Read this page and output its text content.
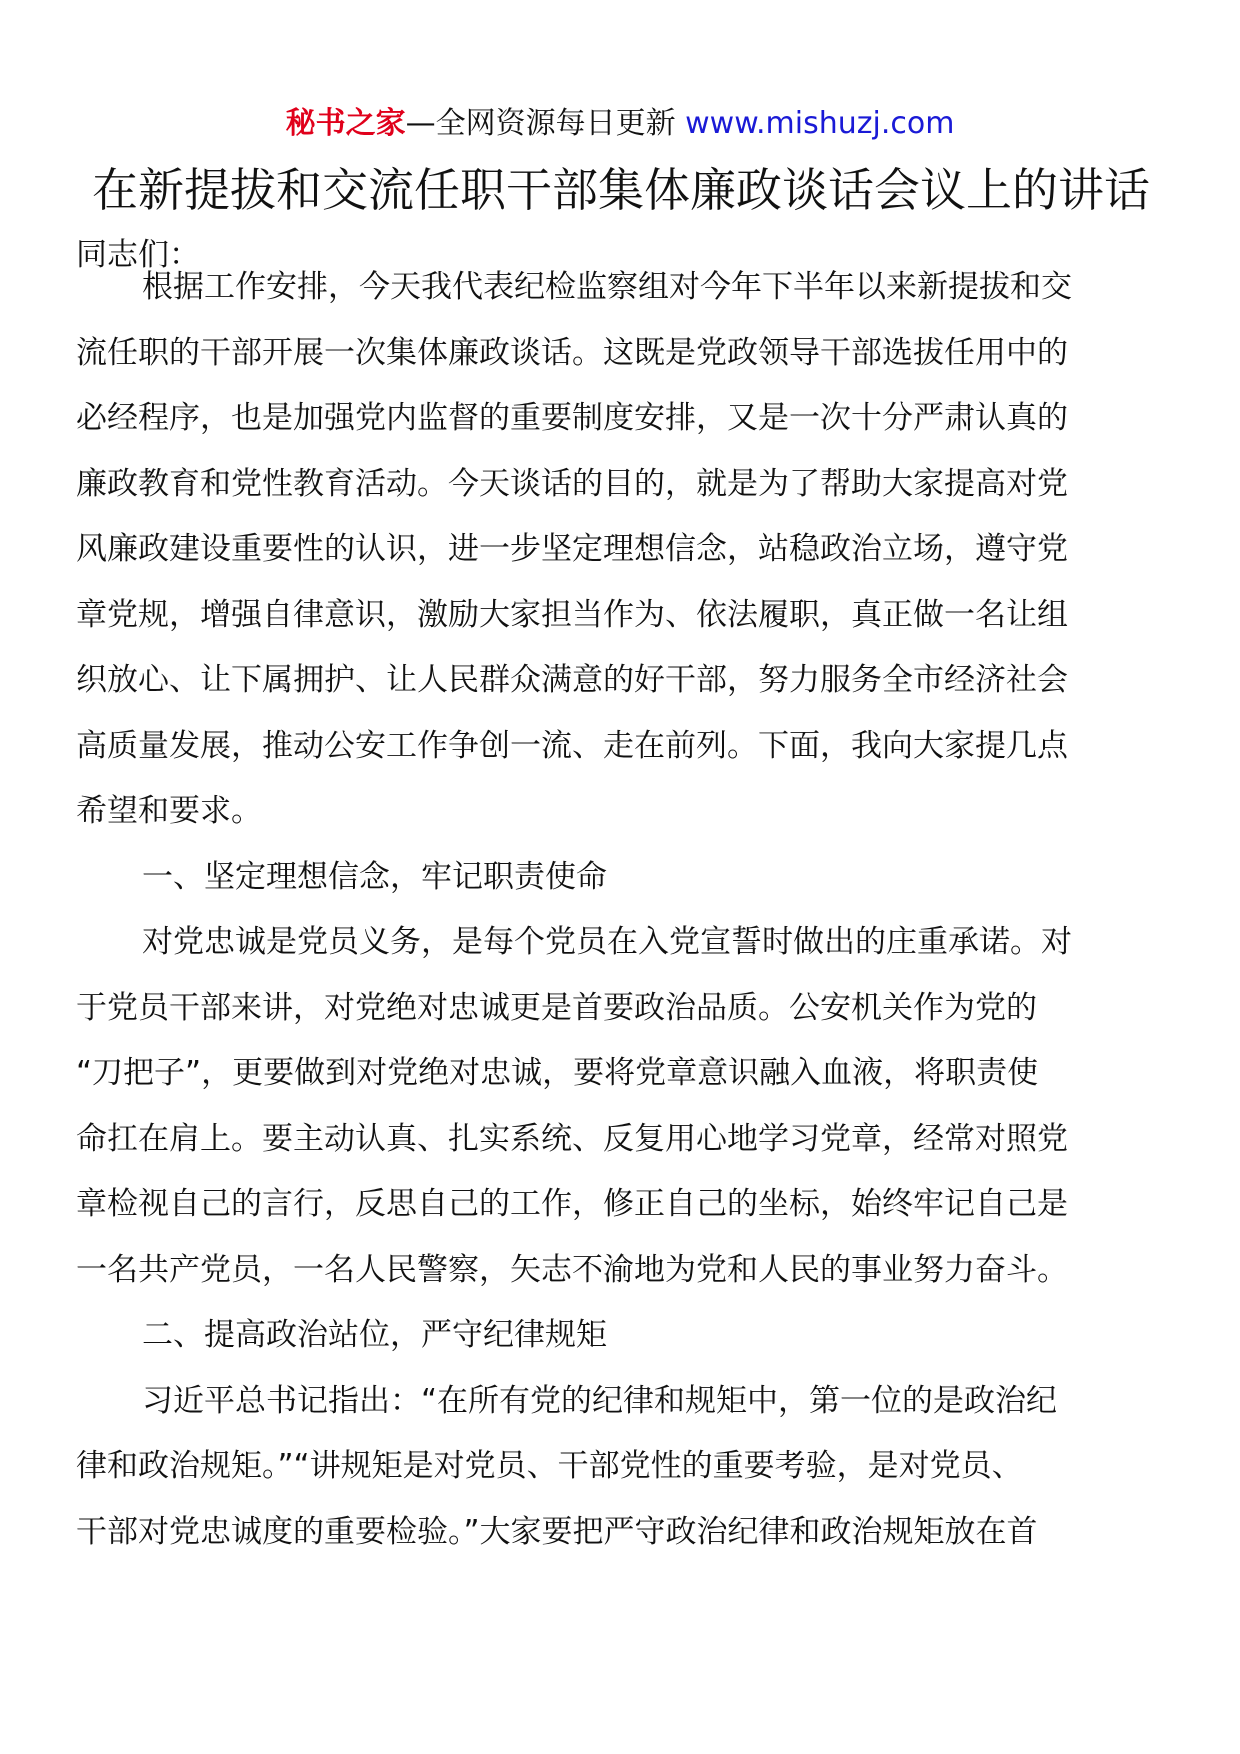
秘书之家—全网资源每日更新 www.mishuzj.com
在新提拔和交流任职干部集体廉政谈话会议上的讲话
同志们：
根据工作安排，今天我代表纪检监察组对今年下半年以来新提拔和交
流任职的干部开展一次集体廉政谈话。这既是党政领导干部选拔任用中的
必经程序，也是加强党内监督的重要制度安排，又是一次十分严肃认真的
廉政教育和党性教育活动。今天谈话的目的，就是为了帮助大家提高对党
风廉政建设重要性的认识，进一步坚定理想信念，站稳政治立场，遵守党
章党规，增强自律意识，激励大家担当作为、依法履职，真正做一名让组
织放心、让下属拥护、让人民群众满意的好干部，努力服务全市经济社会
高质量发展，推动公安工作争创一流、走在前列。下面，我向大家提几点
希望和要求。
一、坚定理想信念，牢记职责使命
对党忠诚是党员义务，是每个党员在入党宣誓时做出的庄重承诺。对
于党员干部来讲，对党绝对忠诚更是首要政治品质。公安机关作为党的
“刀把子”，更要做到对党绝对忠诚，要将党章意识融入血液，将职责使
命扛在肩上。要主动认真、扎实系统、反复用心地学习党章，经常对照党
章检视自己的言行，反思自己的工作，修正自己的坐标，始终牢记自己是
一名共产党员，一名人民警察，矢志不渝地为党和人民的事业努力奋斗。
二、提高政治站位，严守纪律规矩
习近平总书记指出：“在所有党的纪律和规矩中，第一位的是政治纪
律和政治规矩。”“讲规矩是对党员、干部党性的重要考验，是对党员、
干部对党忠诚度的重要检验。”大家要把严守政治纪律和政治规矩放在首
